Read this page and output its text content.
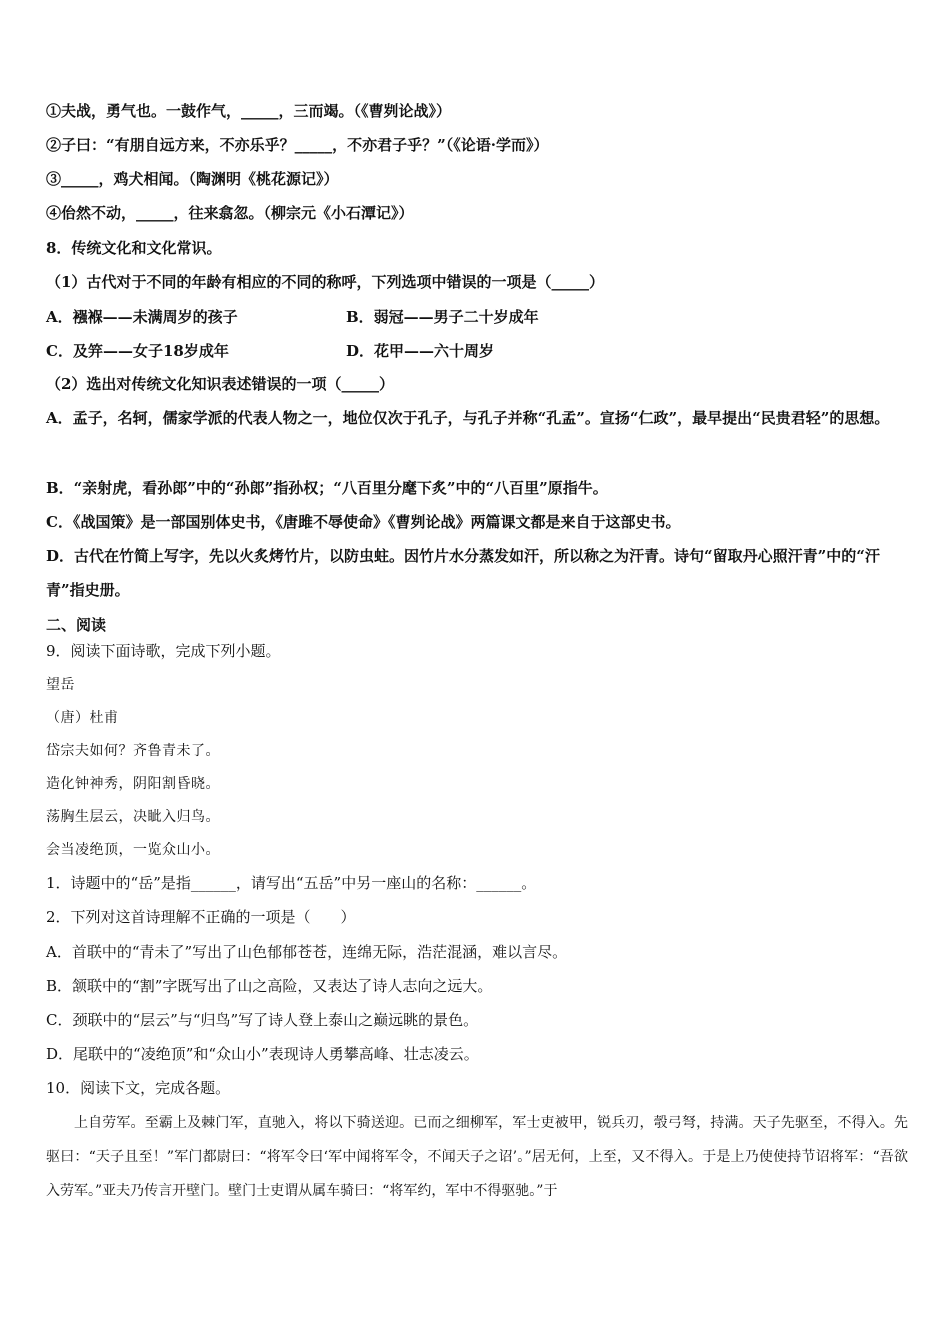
①夫战，勇气也。一鼓作气，_____，三而竭。（《曹刿论战》）
②子曰：“有朋自远方来，不亦乐乎？_____，不亦君子乎？”（《论语·学而》）
③_____，鸡犬相闻。（陶渊明《桃花源记》）
④佁然不动，_____，往来翕忽。（柳宗元《小石潭记》）
8．传统文化和文化常识。
（1）古代对于不同的年龄有相应的不同的称呼，下列选项中错误的一项是（_____）
A．襁褓——未满周岁的孩子	B．弱冠——男子二十岁成年
C．及笄——女子18岁成年	D．花甲——六十周岁
（2）选出对传统文化知识表述错误的一项（_____）
A．孟子，名轲，儒家学派的代表人物之一，地位仅次于孔子，与孔子并称“孔孟”。宣扬“仁政”，最早提出“民贵君轻”的思想。
B．“亲射虎，看孙郎”中的“孙郎”指孙权；“八百里分麾下炙”中的“八百里”原指牛。
C．《战国策》是一部国别体史书，《唐雎不辱使命》《曹刿论战》两篇课文都是来自于这部史书。
D．古代在竹简上写字，先以火炙烤竹片，以防虫蛀。因竹片水分蒸发如汗，所以称之为汗青。诗句“留取丹心照汗青”中的“汗青”指史册。
二、阅读
9．阅读下面诗歌，完成下列小题。
望岳
（唐）杜甫
岱宗夫如何？齐鲁青未了。
造化钟神秀，阴阳割昏晓。
荡胸生层云，决眦入归鸟。
会当凌绝顶，一览众山小。
1．诗题中的“岳”是指______，请写出“五岳”中另一座山的名称：______。
2．下列对这首诗理解不正确的一项是（　　）
A．首联中的“青未了”写出了山色郁郁苍苍，连绵无际，浩茫混涵，难以言尽。
B．颔联中的“割”字既写出了山之高险，又表达了诗人志向之远大。
C．颈联中的“层云”与“归鸟”写了诗人登上泰山之巅远眺的景色。
D．尾联中的“凌绝顶”和“众山小”表现诗人勇攀高峰、壮志凌云。
10．阅读下文，完成各题。
上自劳军。至霸上及棘门军，直驰入，将以下骑送迎。已而之细柳军，军士吏被甲，锐兵刃，彀弓弩，持满。天子先驱至，不得入。先驱曰：“天子且至！”军门都尉曰：“将军令曰‘军中闻将军令，不闻天子之诏’。”居无何，上至，又不得入。于是上乃使使持节诏将军：“吾欲入劳军。”亚夫乃传言开壁门。壁门士吏谓从属车骑曰：“将军约，军中不得驱驰。”于
